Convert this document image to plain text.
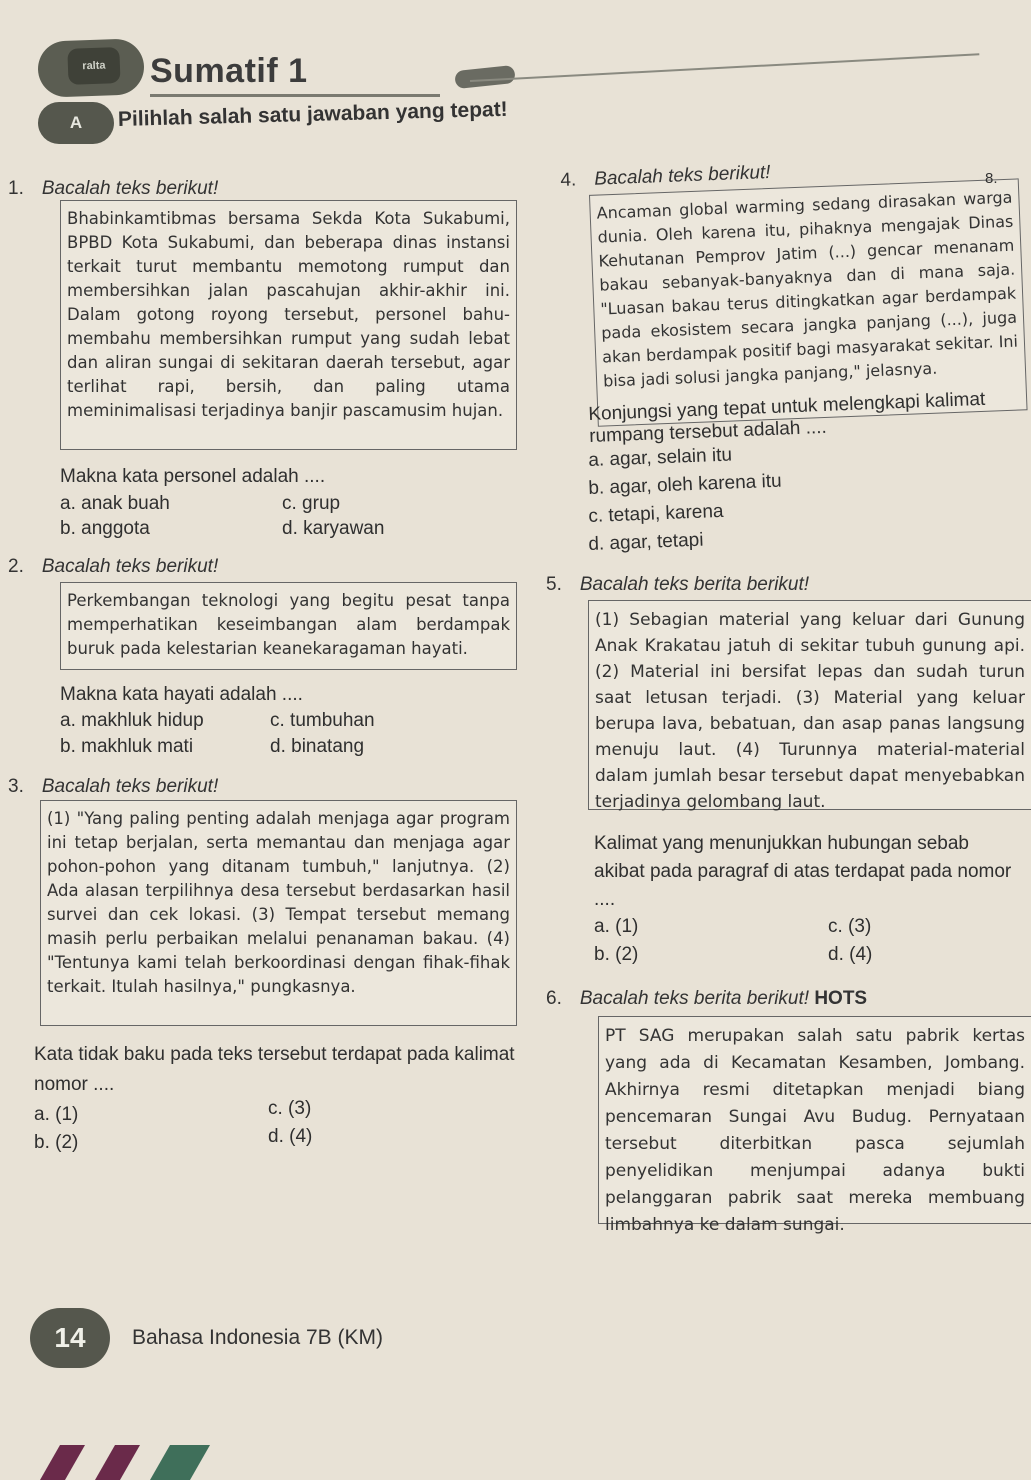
ralta	Sumatif 1
A	Pilihlah salah satu jawaban yang tepat!
1. Bacalah teks berikut!

Bhabinkamtibmas bersama Sekda Kota Sukabumi, BPBD Kota Sukabumi, dan beberapa dinas instansi terkait turut membantu memotong rumput dan membersihkan jalan pascahujan akhir-akhir ini. Dalam gotong royong tersebut, personel bahu-membahu membersihkan rumput yang sudah lebat dan aliran sungai di sekitaran daerah tersebut, agar terlihat rapi, bersih, dan paling utama meminimalisasi terjadinya banjir pascamusim hujan.

Makna kata personel adalah ....
a. anak buah	c. grup
b. anggota	d. karyawan
2. Bacalah teks berikut!

Perkembangan teknologi yang begitu pesat tanpa memperhatikan keseimbangan alam berdampak buruk pada kelestarian keanekaragaman hayati.

Makna kata hayati adalah ....
a. makhluk hidup	c. tumbuhan
b. makhluk mati	d. binatang
3. Bacalah teks berikut!

(1) "Yang paling penting adalah menjaga agar program ini tetap berjalan, serta memantau dan menjaga agar pohon-pohon yang ditanam tumbuh," lanjutnya. (2) Ada alasan terpilihnya desa tersebut berdasarkan hasil survei dan cek lokasi. (3) Tempat tersebut memang masih perlu perbaikan melalui penanaman bakau. (4) "Tentunya kami telah berkoordinasi dengan fihak-fihak terkait. Itulah hasilnya," pungkasnya.

Kata tidak baku pada teks tersebut terdapat pada kalimat nomor ....
a. (1)	c. (3)
b. (2)	d. (4)
4. Bacalah teks berikut!

Ancaman global warming sedang dirasakan warga dunia. Oleh karena itu, pihaknya mengajak Dinas Kehutanan Pemprov Jatim (...) gencar menanam bakau sebanyak-banyaknya dan di mana saja. "Luasan bakau terus ditingkatkan agar berdampak pada ekosistem secara jangka panjang (...), juga akan berdampak positif bagi masyarakat sekitar. Ini bisa jadi solusi jangka panjang," jelasnya.

8.
Konjungsi yang tepat untuk melengkapi kalimat rumpang tersebut adalah ....
a. agar, selain itu
b. agar, oleh karena itu
c. tetapi, karena
d. agar, tetapi
5. Bacalah teks berita berikut!

(1) Sebagian material yang keluar dari Gunung Anak Krakatau jatuh di sekitar tubuh gunung api. (2) Material ini bersifat lepas dan sudah turun saat letusan terjadi. (3) Material yang keluar berupa lava, bebatuan, dan asap panas langsung menuju laut. (4) Turunnya material-material dalam jumlah besar tersebut dapat menyebabkan terjadinya gelombang laut.

Kalimat yang menunjukkan hubungan sebab akibat pada paragraf di atas terdapat pada nomor ....
a. (1)	c. (3)
b. (2)	d. (4)
6. Bacalah teks berita berikut! HOTS

PT SAG merupakan salah satu pabrik kertas yang ada di Kecamatan Kesamben, Jombang. Akhirnya resmi ditetapkan menjadi biang pencemaran Sungai Avu Budug. Pernyataan tersebut diterbitkan pasca sejumlah penyelidikan menjumpai adanya bukti pelanggaran pabrik saat mereka membuang limbahnya ke dalam sungai.

14	Bahasa Indonesia 7B (KM)
